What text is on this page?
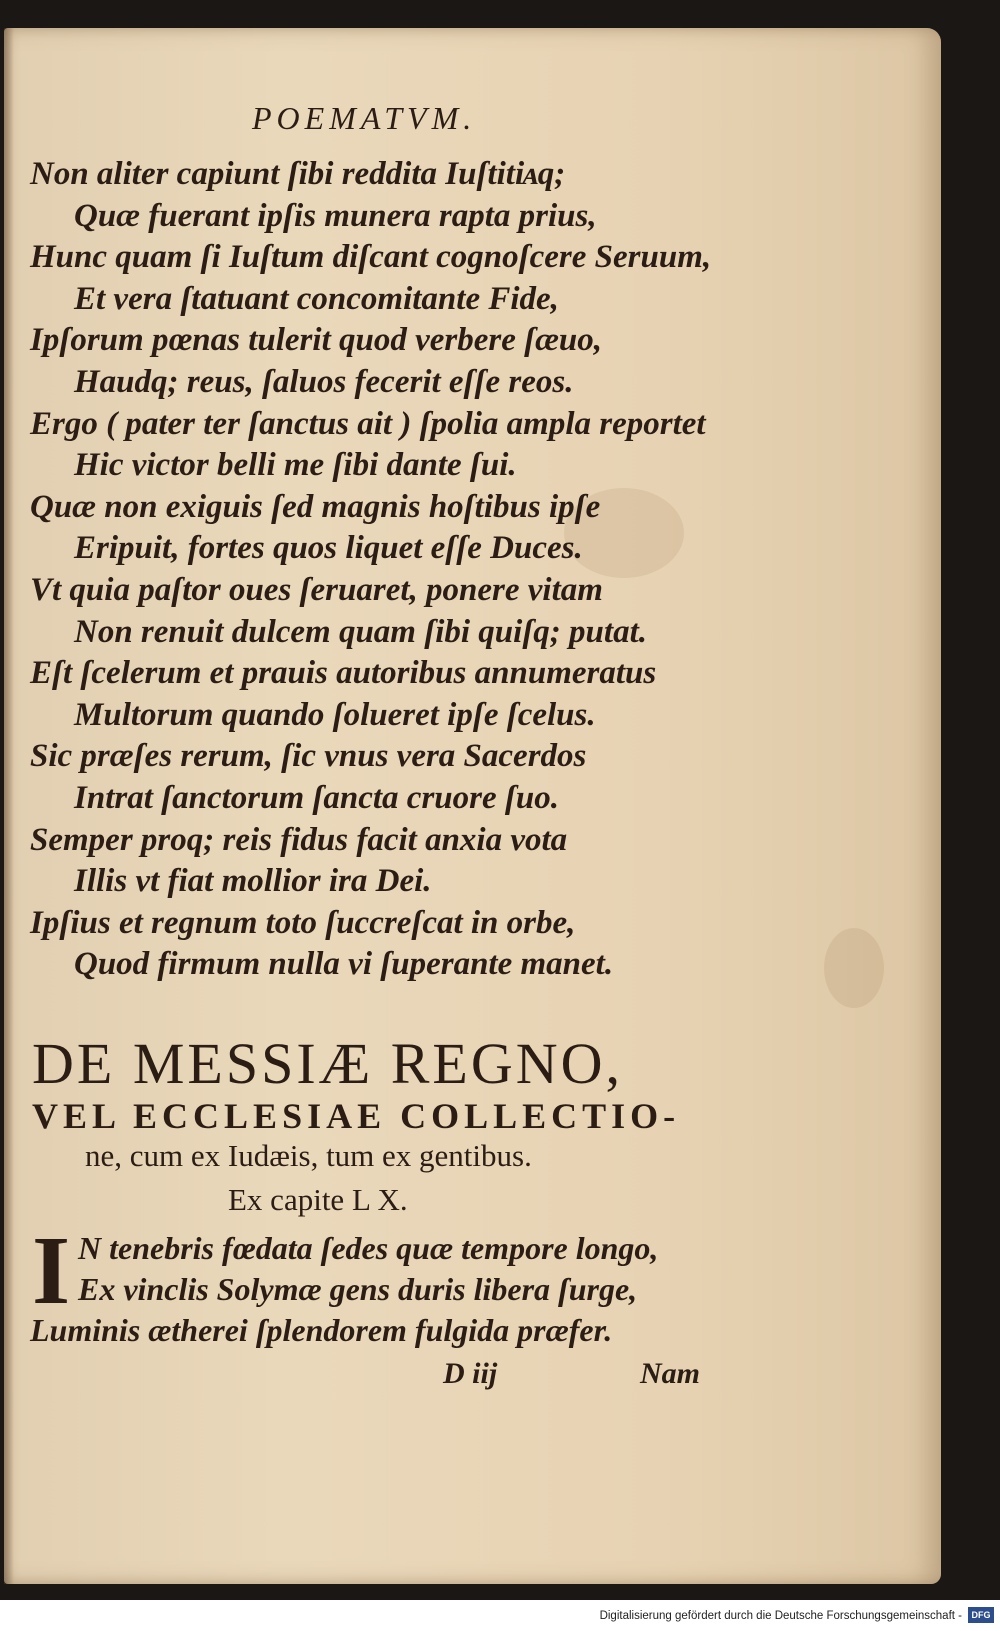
POEMATVM.
Non aliter capiunt ſibi reddita Iuſtitiᴀq;
Quæ fuerant ipſis munera rapta prius,
Hunc quam ſi Iuſtum diſcant cognoſcere Seruum,
Et vera ſtatuant concomitante Fide,
Ipſorum pœnas tulerit quod verbere ſæuo,
Haudq; reus, ſaluos fecerit eſſe reos.
Ergo ( pater ter ſanctus ait ) ſpolia ampla reportet
Hic victor belli me ſibi dante ſui.
Quæ non exiguis ſed magnis hoſtibus ipſe
Eripuit, fortes quos liquet eſſe Duces.
Vt quia paſtor oues ſeruaret, ponere vitam
Non renuit dulcem quam ſibi quiſq; putat.
Eſt ſcelerum et prauis autoribus annumeratus
Multorum quando ſolueret ipſe ſcelus.
Sic præſes rerum, ſic vnus vera Sacerdos
Intrat ſanctorum ſancta cruore ſuo.
Semper proq; reis fidus facit anxia vota
Illis vt fiat mollior ira Dei.
Ipſius et regnum toto ſuccreſcat in orbe,
Quod firmum nulla vi ſuperante manet.
DE MESSIÆ REGNO,
VEL ECCLESIAE COLLECTIO-
ne, cum ex Iudæis, tum ex gentibus.
Ex capite L X.
I N tenebris fœdata ſedes quæ tempore longo,
Ex vinclis Solymæ gens duris libera ſurge,
Luminis ætherei ſplendorem fulgida præfer.
D iij	Nam
Digitalisierung gefördert durch die Deutsche Forschungsgemeinschaft -	DFG
